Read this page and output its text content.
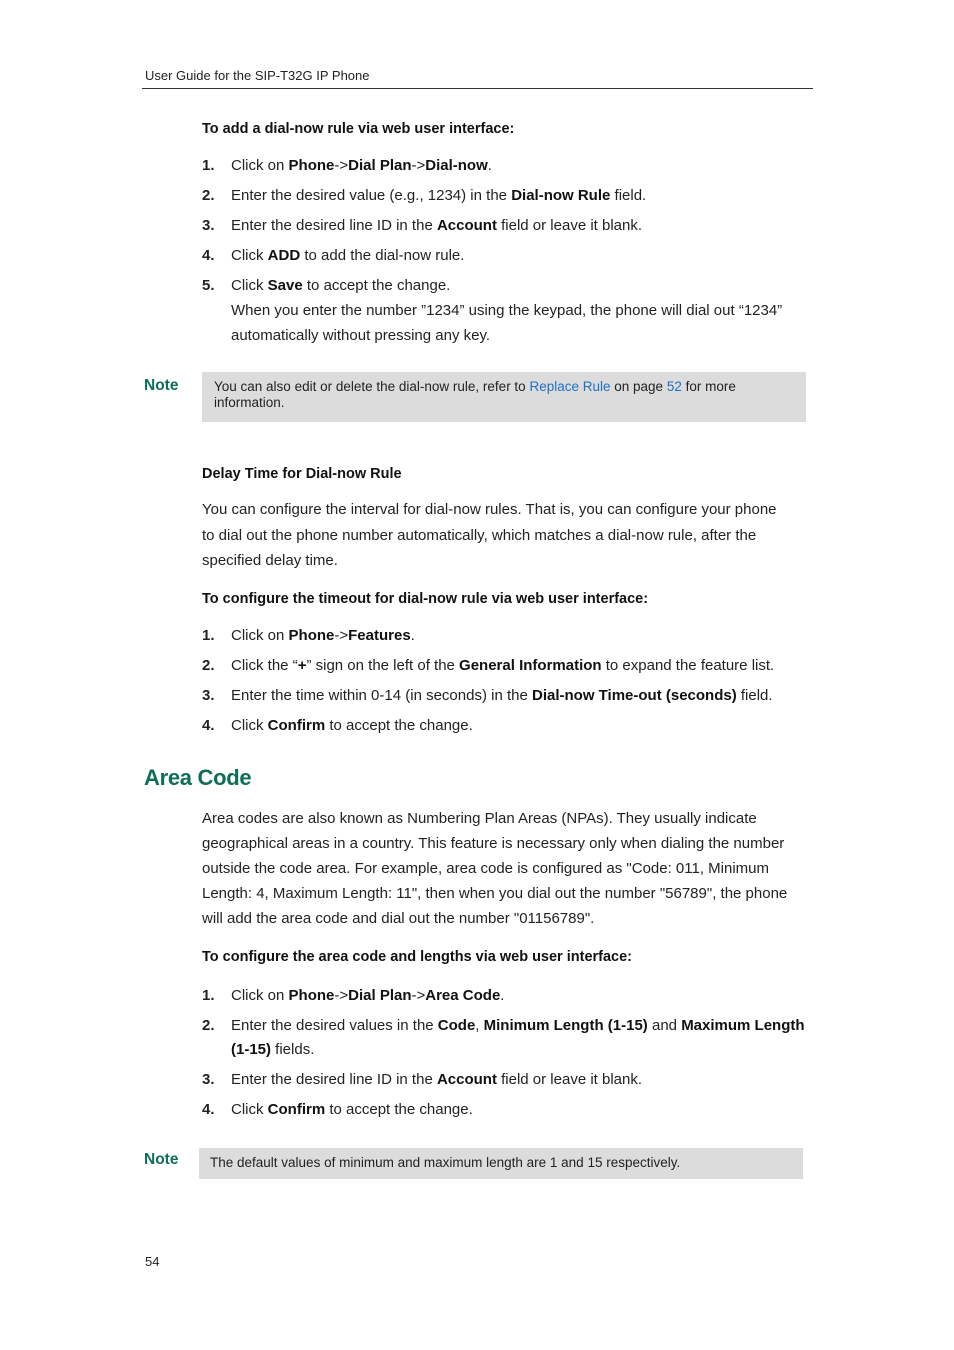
User Guide for the SIP-T32G IP Phone
To add a dial-now rule via web user interface:
1. Click on Phone->Dial Plan->Dial-now.
2. Enter the desired value (e.g., 1234) in the Dial-now Rule field.
3. Enter the desired line ID in the Account field or leave it blank.
4. Click ADD to add the dial-now rule.
5. Click Save to accept the change.
When you enter the number ”1234” using the keypad, the phone will dial out “1234”
automatically without pressing any key.
Note	You can also edit or delete the dial-now rule, refer to Replace Rule on page 52 for more
information.
Delay Time for Dial-now Rule
You can configure the interval for dial-now rules. That is, you can configure your phone
to dial out the phone number automatically, which matches a dial-now rule, after the
specified delay time.
To configure the timeout for dial-now rule via web user interface:
1. Click on Phone->Features.
2. Click the “+” sign on the left of the General Information to expand the feature list.
3. Enter the time within 0-14 (in seconds) in the Dial-now Time-out (seconds) field.
4. Click Confirm to accept the change.
Area Code
Area codes are also known as Numbering Plan Areas (NPAs). They usually indicate
geographical areas in a country. This feature is necessary only when dialing the number
outside the code area. For example, area code is configured as "Code: 011, Minimum
Length: 4, Maximum Length: 11", then when you dial out the number "56789", the phone
will add the area code and dial out the number "01156789".
To configure the area code and lengths via web user interface:
1. Click on Phone->Dial Plan->Area Code.
2. Enter the desired values in the Code, Minimum Length (1-15) and Maximum Length
(1-15) fields.
3. Enter the desired line ID in the Account field or leave it blank.
4. Click Confirm to accept the change.
Note The default values of minimum and maximum length are 1 and 15 respectively.
54
